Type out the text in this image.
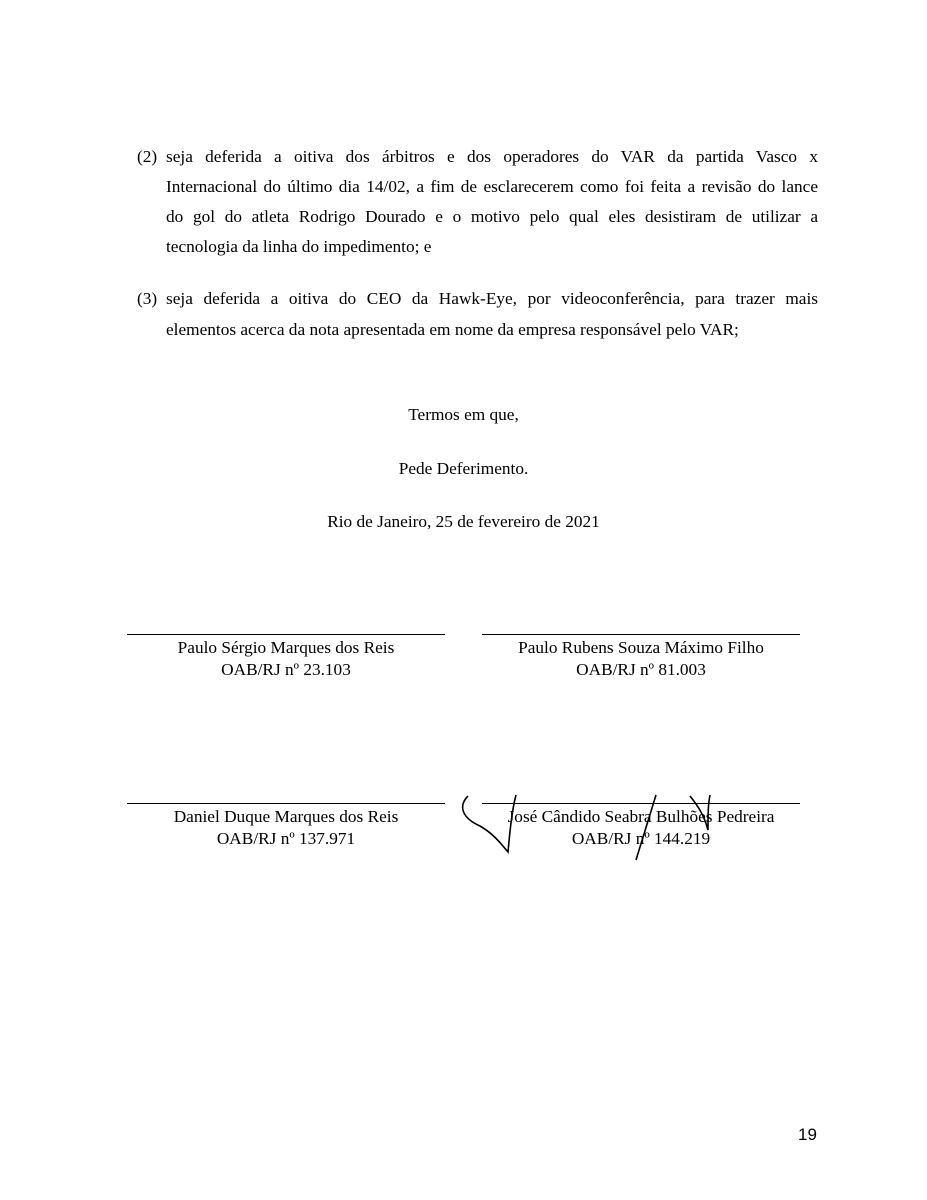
(2) seja deferida a oitiva dos árbitros e dos operadores do VAR da partida Vasco x
Internacional do último dia 14/02, a fim de esclarecerem como foi feita a revisão do lance
do gol do atleta Rodrigo Dourado e o motivo pelo qual eles desistiram de utilizar a
tecnologia da linha do impedimento; e
(3) seja deferida a oitiva do CEO da Hawk-Eye, por videoconferência, para trazer mais
elementos acerca da nota apresentada em nome da empresa responsável pelo VAR;
Termos em que,
Pede Deferimento.
Rio de Janeiro, 25 de fevereiro de 2021
Paulo Sérgio Marques dos Reis
OAB/RJ nº 23.103
Paulo Rubens Souza Máximo Filho
OAB/RJ nº 81.003
Daniel Duque Marques dos Reis
OAB/RJ nº 137.971
José Cândido Seabra Bulhões Pedreira
OAB/RJ nº 144.219
19
